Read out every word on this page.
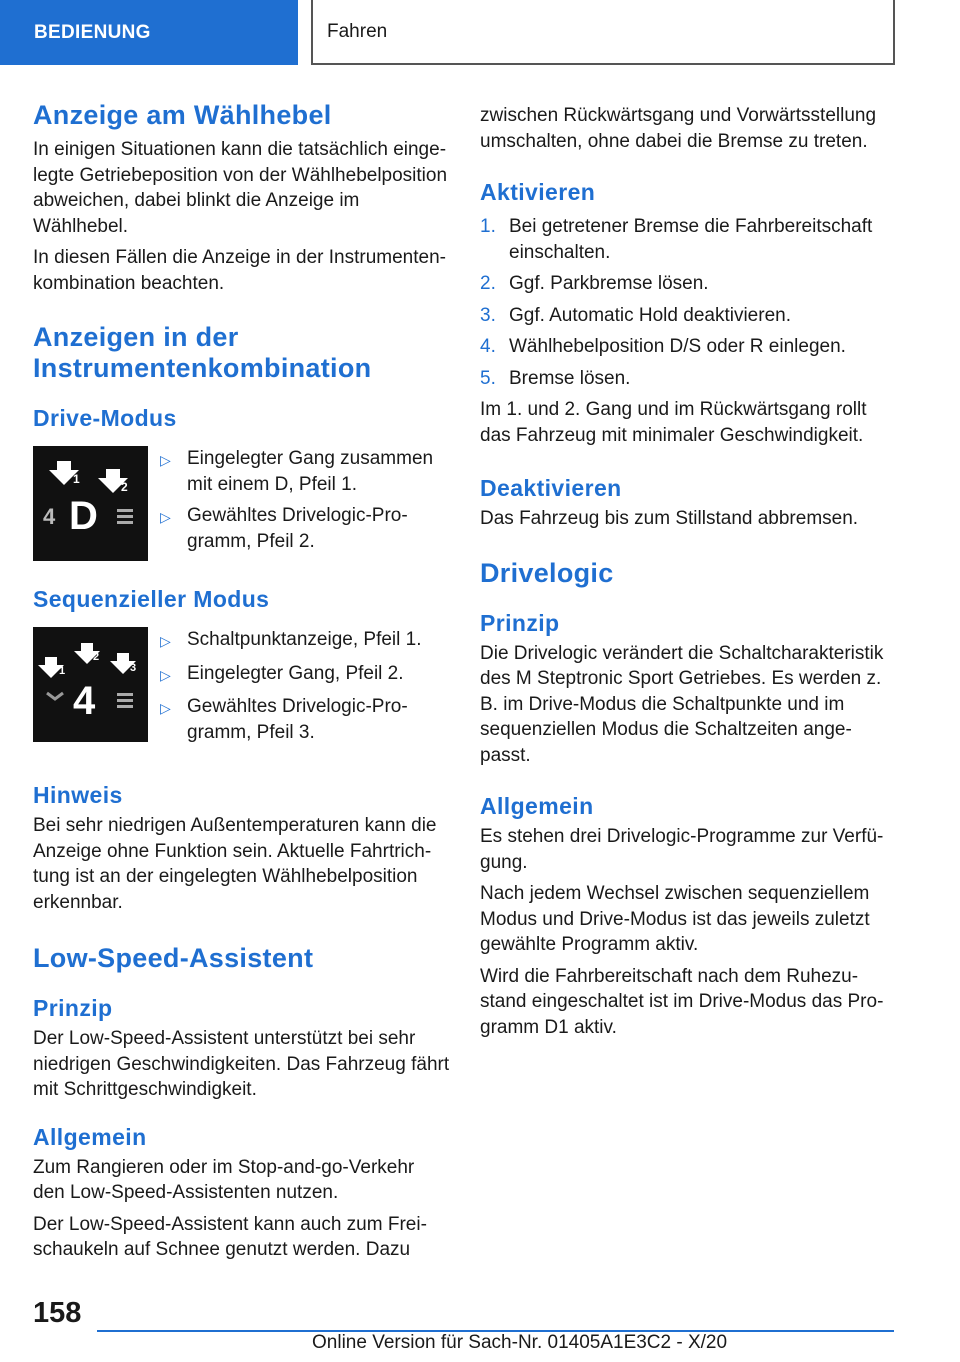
BEDIENUNG	Fahren
Anzeige am Wählhebel

In einigen Situationen kann die tatsächlich eingelegte Getriebeposition von der Wählhebelposition abweichen, dabei blinkt die Anzeige im Wählhebel.

In diesen Fällen die Anzeige in der Instrumentenkombination beachten.

Anzeigen in der Instrumentenkombination
Drive-Modus
1
2
4 D
▷ Eingelegter Gang zusammen mit einem D, Pfeil 1.
▷ Gewähltes Drivelogic-Programm, Pfeil 2.
Sequenzieller Modus
1
2
3
4
▷ Schaltpunktanzeige, Pfeil 1.
▷ Eingelegter Gang, Pfeil 2.
▷ Gewähltes Drivelogic-Programm, Pfeil 3.
Hinweis

Bei sehr niedrigen Außentemperaturen kann die Anzeige ohne Funktion sein. Aktuelle Fahrtrichtung ist an der eingelegten Wählhebelposition erkennbar.

Low-Speed-Assistent
Prinzip

Der Low-Speed-Assistent unterstützt bei sehr niedrigen Geschwindigkeiten. Das Fahrzeug fährt mit Schrittgeschwindigkeit.

Allgemein

Zum Rangieren oder im Stop-and-go-Verkehr den Low-Speed-Assistenten nutzen.

Der Low-Speed-Assistent kann auch zum Freischaukeln auf Schnee genutzt werden. Dazu

zwischen Rückwärtsgang und Vorwärtsstellung umschalten, ohne dabei die Bremse zu treten.

Aktivieren
1. Bei getretener Bremse die Fahrbereitschaft einschalten.
2. Ggf. Parkbremse lösen.
3. Ggf. Automatic Hold deaktivieren.
4. Wählhebelposition D/S oder R einlegen.
5. Bremse lösen.

Im 1. und 2. Gang und im Rückwärtsgang rollt das Fahrzeug mit minimaler Geschwindigkeit.

Deaktivieren

Das Fahrzeug bis zum Stillstand abbremsen.

Drivelogic
Prinzip

Die Drivelogic verändert die Schaltcharakteristik des M Steptronic Sport Getriebes. Es werden z. B. im Drive-Modus die Schaltpunkte und im sequenziellen Modus die Schaltzeiten angepasst.

Allgemein

Es stehen drei Drivelogic-Programme zur Verfügung.

Nach jedem Wechsel zwischen sequenziellem Modus und Drive-Modus ist das jeweils zuletzt gewählte Programm aktiv.

Wird die Fahrbereitschaft nach dem Ruhezustand eingeschaltet ist im Drive-Modus das Programm D1 aktiv.

158
Online Version für Sach-Nr. 01405A1E3C2 - X/20
